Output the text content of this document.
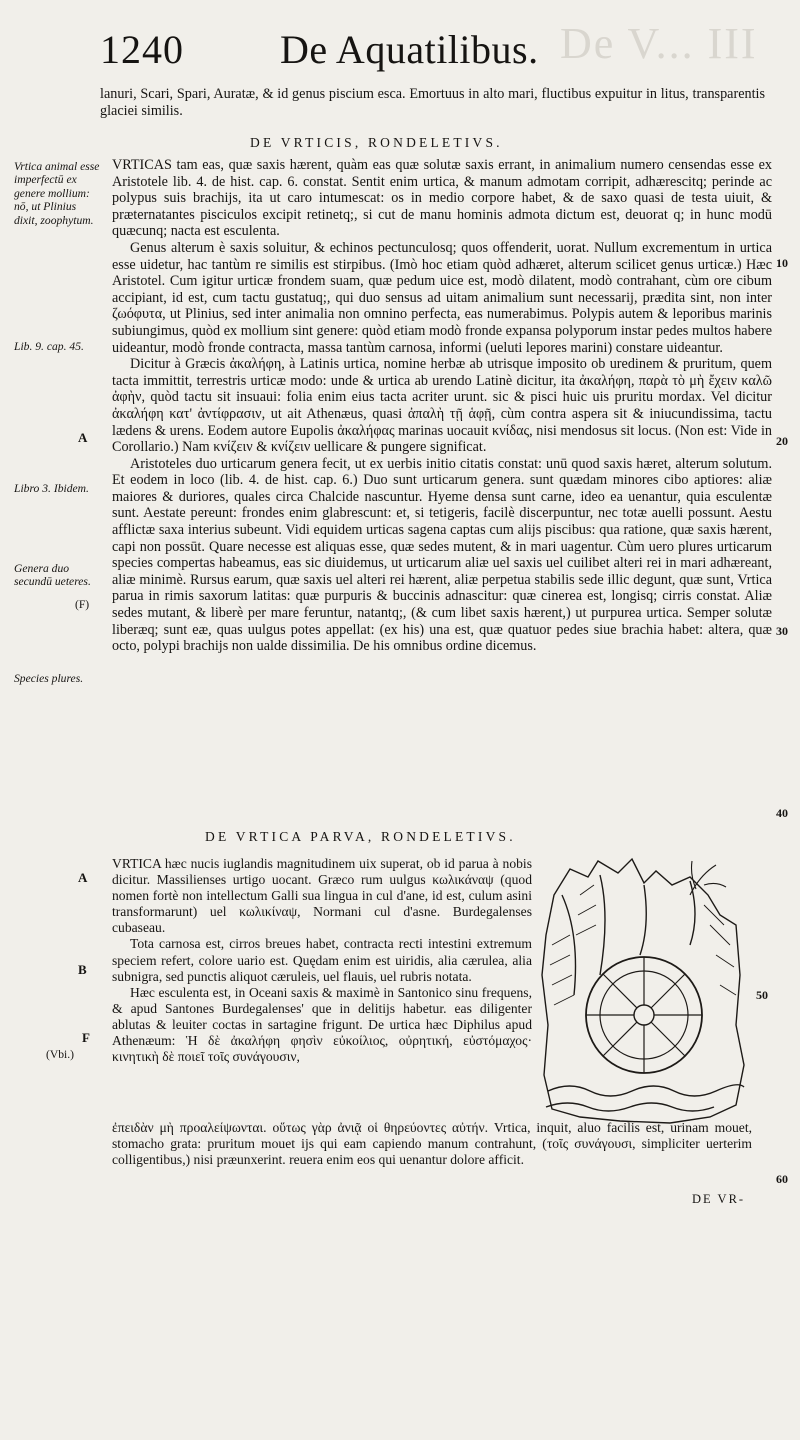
De V... III
1240 De Aquatilibus.

lanuri, Scari, Spari, Auratæ, & id genus piscium esca. Emortuus in alto mari, fluctibus expuitur in litus, transparentis glaciei similis.

DE VRTICIS, RONDELETIVS.

VRTICAS tam eas, quæ saxis hærent, quàm eas quæ solutæ saxis errant, in animalium numero censendas esse ex Aristotele lib. 4. de hist. cap. 6. constat. Sentit enim urtica, & manum admotam corripit, adhærescitq; perinde ac polypus suis brachijs, ita ut caro intumescat: os in medio corpore habet, & de saxo quasi de testa uiuit, & præternatantes pisciculos excipit retinetq;, si cut de manu hominis admota dictum est, deuorat q; in hunc modū quæcunq; nacta est esculenta.

Genus alterum è saxis soluitur, & echinos pectunculosq; quos offenderit, uorat. Nullum excrementum in urtica esse uidetur, hac tantùm re similis est stirpibus. (Imò hoc etiam quòd adhæret, alterum scilicet genus urticæ.) Hæc Aristotel. Cum igitur urticæ frondem suam, quæ pedum uice est, modò dilatent, modò contrahant, cùm ore cibum accipiant, id est, cum tactu gustatuq;, qui duo sensus ad uitam animalium sunt necessarij, prædita sint, non inter ζωόφυτα, ut Plinius, sed inter animalia non omnino perfecta, eas numerabimus. Polypis autem & leporibus marinis subiungimus, quòd ex mollium sint genere: quòd etiam modò fronde expansa polyporum instar pedes multos habere uideantur, modò fronde contracta, massa tantùm carnosa, informi (ueluti lepores marini) constare uideantur.

Dicitur à Græcis ἀκαλήφη, à Latinis urtica, nomine herbæ ab utrisque imposito ob uredinem & pruritum, quem tacta immittit, terrestris urticæ modo: unde & urtica ab urendo Latinè dicitur, ita ἀκαλήφη, παρὰ τὸ μὴ ἔχειν καλῶ ἀφὴν, quòd tactu sit insuaui: folia enim eius tacta acriter urunt. sic & pisci huic uis pruritu mordax. Vel dicitur ἀκαλήφη κατ' ἀντίφρασιν, ut ait Athenæus, quasi ἀπαλὴ τῇ ἁφῇ, cùm contra aspera sit & iniucundissima, tactu lædens & urens. Eodem autore Eupolis ἀκαλήφας marinas uocauit κνίδας, nisi mendosus sit locus. (Non est: Vide in Corollario.) Nam κνίζειν & κνίζειν uellicare & pungere significat.

Aristoteles duo urticarum genera fecit, ut ex uerbis initio citatis constat: unū quod saxis hæret, alterum solutum. Et eodem in loco (lib. 4. de hist. cap. 6.) Duo sunt urticarum genera. sunt quædam minores cibo aptiores: aliæ maiores & duriores, quales circa Chalcide nascuntur. Hyeme densa sunt carne, ideo ea uenantur, quia esculentæ sunt. Aestate pereunt: frondes enim glabrescunt: et, si tetigeris, facilè discerpuntur, nec totæ auelli possunt. Aestu afflictæ saxa interius subeunt. Vidi equidem urticas sagena captas cum alijs piscibus: qua ratione, quæ saxis hærent, capi non possūt. Quare necesse est aliquas esse, quæ sedes mutent, & in mari uagentur. Cùm uero plures urticarum species compertas habeamus, eas sic diuidemus, ut urticarum aliæ uel saxis uel cuilibet alteri rei in mari adhæreant, aliæ minimè. Rursus earum, quæ saxis uel alteri rei hærent, aliæ perpetua stabilis sede illic degunt, quæ sunt, Vrtica parua in rimis saxorum latitas: quæ purpuris & buccinis adnascitur: quæ cinerea est, longisq; cirris constat. Aliæ sedes mutant, & liberè per mare feruntur, natantq;, (& cum libet saxis hærent,) ut purpurea urtica. Semper solutæ liberæq; sunt eæ, quas uulgus potes appellat: (ex his) una est, quæ quatuor pedes siue brachia habet: altera, quæ octo, polypi brachijs non ualde dissimilia. De his omnibus ordine dicemus.

DE VRTICA PARVA, RONDELETIVS.

VRTICA hæc nucis iuglandis magnitudinem uix superat, ob id parua à nobis dicitur. Massilienses urtigo uocant. Græco rum uulgus κωλικάναψ (quod nomen fortè non intellectum Galli sua lingua in cul d'ane, id est, culum asini transformarunt) uel κωλικίναψ, Normani cul d'asne. Burdegalenses cubaseau.

Tota carnosa est, cirros breues habet, contracta recti intestini extremum speciem refert, colore uario est. Quędam enim est uiridis, alia cærulea, alia subnigra, sed punctis aliquot cæruleis, uel flauis, uel rubris notata.

Hæc esculenta est, in Oceani saxis & maximè in Santonico sinu frequens, & apud Santones Burdegalenses' que in delitijs habetur. eas diligenter ablutas & leuiter coctas in sartagine frigunt. De urtica hæc Diphilus apud Athenæum: Ἡ δὲ ἀκαλήφη φησὶν εὐκοίλιος, οὐρητική, εὐστόμαχος· κινητικὴ δὲ ποιεῖ τοῖς συνάγουσιν,

ἐπειδὰν μὴ προαλείψωνται. οὕτως γὰρ ἀνιᾷ οἱ θηρεύοντες αὐτήν. Vrtica, inquit, aluo facilis est, urinam mouet, stomacho grata: pruritum mouet ijs qui eam capiendo manum contrahunt, (τοῖς συνάγουσι, simpliciter uerterim colligentibus,) nisi præunxerint. reuera enim eos qui uenantur dolore afficit.

Vrtica animal esse imperfectū ex genere mollium: nō, ut Plinius dixit, zoophytum.
Lib. 9. cap. 45.
A
Libro 3. Ibidem.
Genera duo secundū ueteres.
(F)
Species plures.
A
B
F
(Vbi.)
10
20
30
40
50
60
DE VR-
